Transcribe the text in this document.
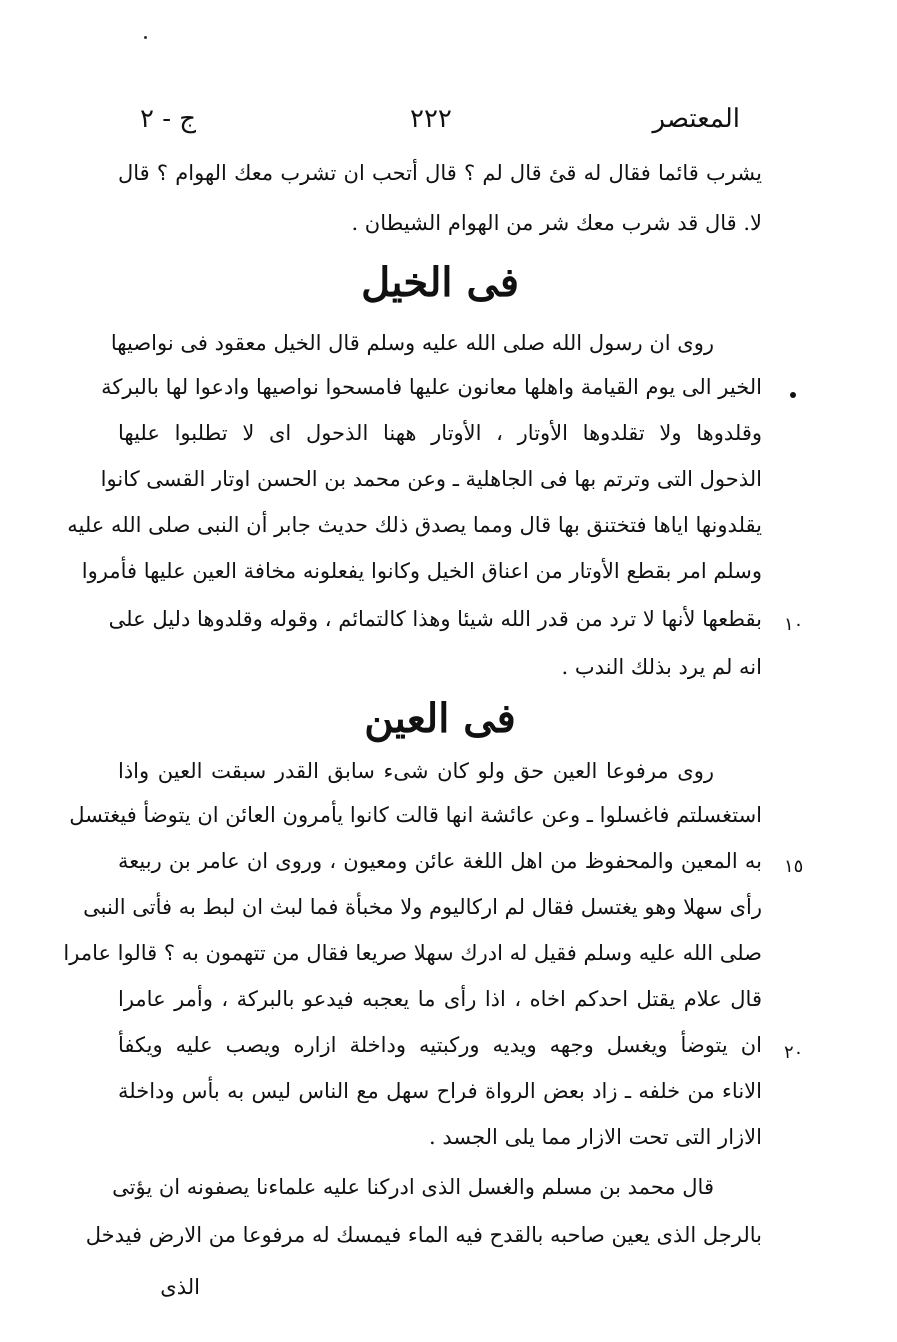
المعتصر
٢٢٢
ج - ٢
يشرب قائما فقال له قئ قال لم ؟ قال أتحب ان تشرب معك الهوام ؟ قال
لا. قال قد شرب معك شر من الهوام الشيطان .
فى الخيل
روى ان رسول الله صلى الله عليه وسلم قال الخيل معقود فى نواصيها
الخير الى يوم القيامة واهلها معانون عليها فامسحوا نواصيها وادعوا لها بالبركة
وقلدوها ولا تقلدوها الأوتار ، الأوتار ههنا الذحول اى لا تطلبوا عليها
الذحول التى وترتم بها فى الجاهلية ـ وعن محمد بن الحسن اوتار القسى كانوا
يقلدونها اياها فتختنق بها قال ومما يصدق ذلك حديث جابر أن النبى صلى الله عليه
وسلم امر بقطع الأوتار من اعناق الخيل وكانوا يفعلونه مخافة العين عليها فأمروا
بقطعها لأنها لا ترد من قدر الله شيئا وهذا كالتمائم ، وقوله وقلدوها دليل على
انه لم يرد بذلك الندب .
فى العين
روى مرفوعا العين حق ولو كان شىء سابق القدر سبقت العين واذا
استغسلتم فاغسلوا ـ وعن عائشة انها قالت كانوا يأمرون العائن ان يتوضأ فيغتسل
به المعين والمحفوظ من اهل اللغة عائن ومعيون ، وروى ان عامر بن ربيعة
رأى سهلا وهو يغتسل فقال لم اركاليوم ولا مخبأة فما لبث ان لبط به فأتى النبى
صلى الله عليه وسلم فقيل له ادرك سهلا صريعا فقال من تتهمون به ؟ قالوا عامرا
قال علام يقتل احدكم اخاه ، اذا رأى ما يعجبه فيدعو بالبركة ، وأمر عامرا
ان يتوضأ ويغسل وجهه ويديه وركبتيه وداخلة ازاره ويصب عليه ويكفأ
الاناء من خلفه ـ زاد بعض الرواة فراح سهل مع الناس ليس به بأس وداخلة
الازار التى تحت الازار مما يلى الجسد .
قال محمد بن مسلم والغسل الذى ادركنا عليه علماءنا يصفونه ان يؤتى
بالرجل الذى يعين صاحبه بالقدح فيه الماء فيمسك له مرفوعا من الارض فيدخل
الذى
١٠
١٥
٢٠
